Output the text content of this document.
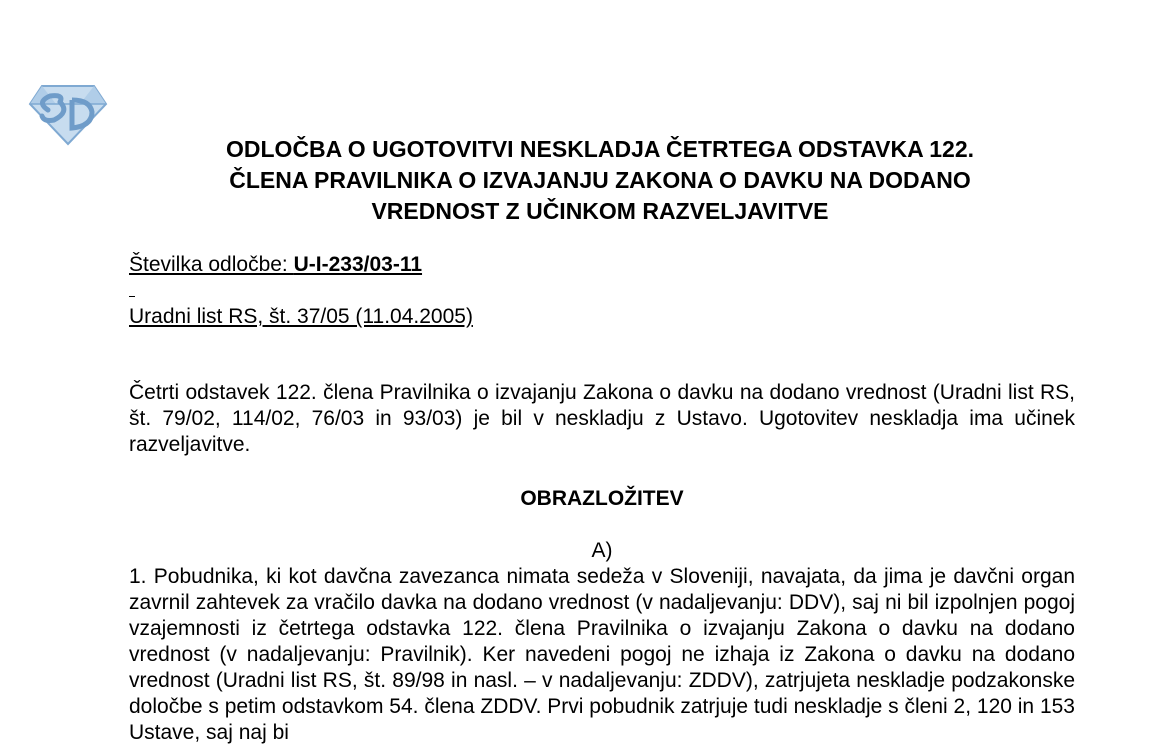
ODLOČBA O UGOTOVITVI NESKLADJA ČETRTEGA ODSTAVKA 122.
ČLENA PRAVILNIKA O IZVAJANJU ZAKONA O DAVKU NA DODANO
VREDNOST Z UČINKOM RAZVELJAVITVE
Številka odločbe: U-I-233/03-11
Uradni list RS, št. 37/05 (11.04.2005)
Četrti odstavek 122. člena Pravilnika o izvajanju Zakona o davku na dodano vrednost (Uradni list RS, št. 79/02, 114/02, 76/03 in 93/03) je bil v neskladju z Ustavo. Ugotovitev neskladja ima učinek razveljavitve.
OBRAZLOŽITEV
A)
1. Pobudnika, ki kot davčna zavezanca nimata sedeža v Sloveniji, navajata, da jima je davčni organ zavrnil zahtevek za vračilo davka na dodano vrednost (v nadaljevanju: DDV), saj ni bil izpolnjen pogoj vzajemnosti iz četrtega odstavka 122. člena Pravilnika o izvajanju Zakona o davku na dodano vrednost (v nadaljevanju: Pravilnik). Ker navedeni pogoj ne izhaja iz Zakona o davku na dodano vrednost (Uradni list RS, št. 89/98 in nasl. – v nadaljevanju: ZDDV), zatrjujeta neskladje podzakonske določbe s petim odstavkom 54. člena ZDDV. Prvi pobudnik zatrjuje tudi neskladje s členi 2, 120 in 153 Ustave, saj naj bi
